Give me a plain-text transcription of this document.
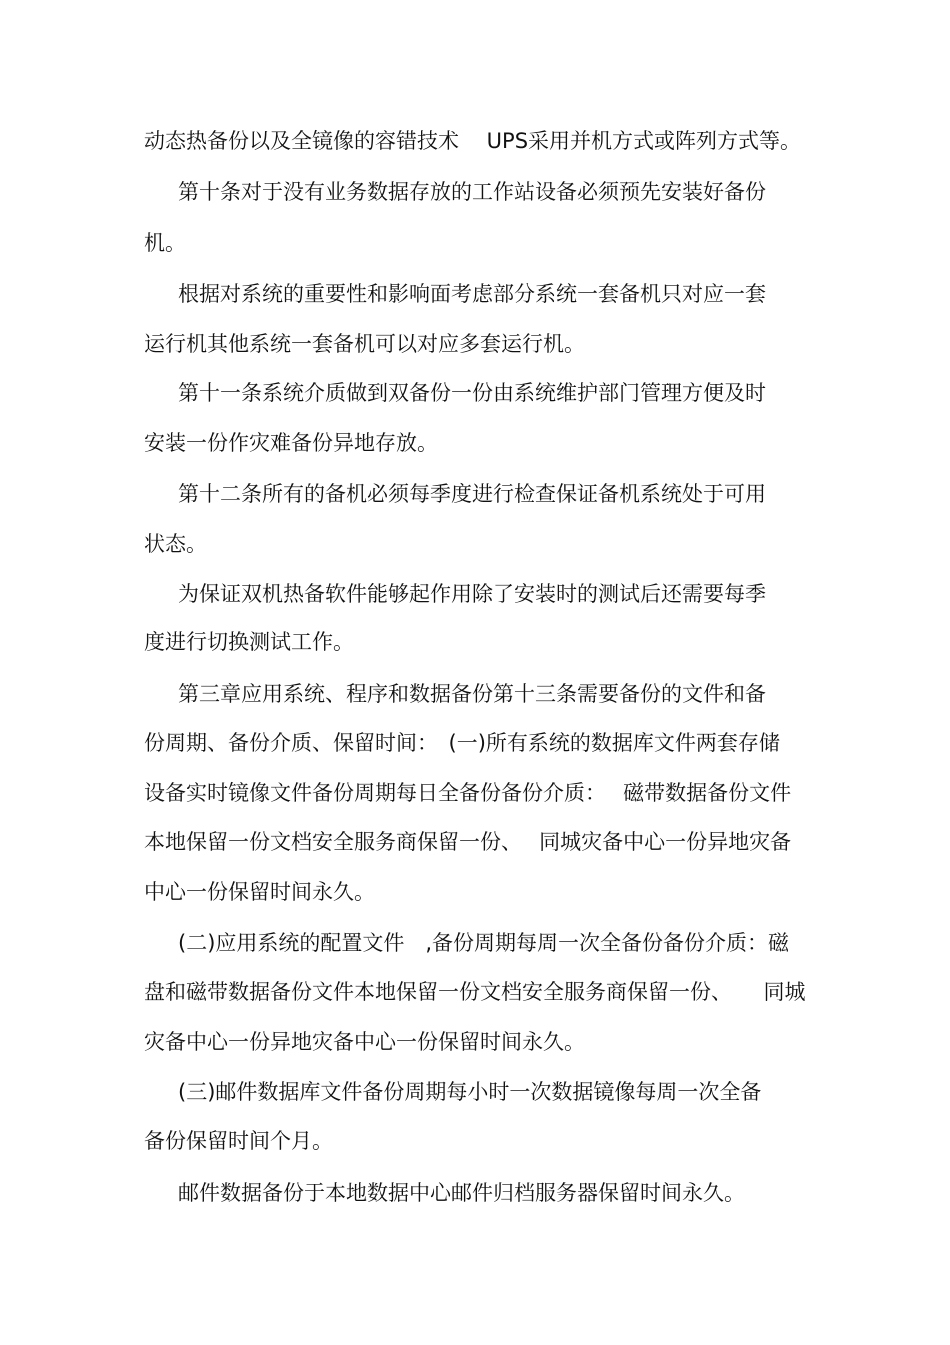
动态热备份以及全镜像的容错技术　 UPS采用并机方式或阵列方式等。
第十条对于没有业务数据存放的工作站设备必须预先安装好备份
机。
根据对系统的重要性和影响面考虑部分系统一套备机只对应一套
运行机其他系统一套备机可以对应多套运行机。
第十一条系统介质做到双备份一份由系统维护部门管理方便及时
安装一份作灾难备份异地存放。
第十二条所有的备机必须每季度进行检查保证备机系统处于可用
状态。
为保证双机热备软件能够起作用除了安装时的测试后还需要每季
度进行切换测试工作。
第三章应用系统、程序和数据备份第十三条需要备份的文件和备
份周期、备份介质、保留时间：　(一)所有系统的数据库文件两套存储
设备实时镜像文件备份周期每日全备份备份介质：　 磁带数据备份文件
本地保留一份文档安全服务商保留一份、　 同城灾备中心一份异地灾备
中心一份保留时间永久。
(二)应用系统的配置文件　,备份周期每周一次全备份备份介质：磁
盘和磁带数据备份文件本地保留一份文档安全服务商保留一份、　　同城
灾备中心一份异地灾备中心一份保留时间永久。
(三)邮件数据库文件备份周期每小时一次数据镜像每周一次全备
备份保留时间个月。
邮件数据备份于本地数据中心邮件归档服务器保留时间永久。
